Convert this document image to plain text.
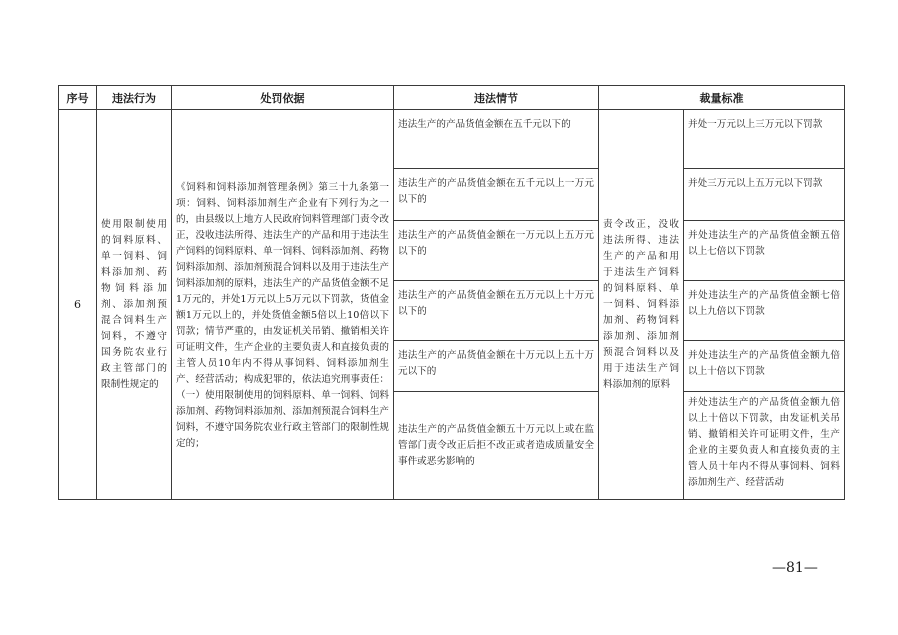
序号	违法行为	处罚依据	违法情节	裁量标准	
6	使用限制使用的饲料原料、单一饲料、饲料添加剂、药物饲料添加剂、添加剂预混合饲料生产饲料，不遵守国务院农业行政主管部门的限制性规定的	《饲料和饲料添加剂管理条例》第三十九条第一项：饲料、饲料添加剂生产企业有下列行为之一的，由县级以上地方人民政府饲料管理部门责令改正，没收违法所得、违法生产的产品和用于违法生产饲料的饲料原料、单一饲料、饲料添加剂、药物饲料添加剂、添加剂预混合饲料以及用于违法生产饲料添加剂的原料，违法生产的产品货值金额不足1万元的，并处1万元以上5万元以下罚款，货值金额1万元以上的，并处货值金额5倍以上10倍以下罚款；情节严重的，由发证机关吊销、撤销相关许可证明文件，生产企业的主要负责人和直接负责的主管人员10年内不得从事饲料、饲料添加剂生产、经营活动；构成犯罪的，依法追究刑事责任：（一）使用限制使用的饲料原料、单一饲料、饲料添加剂、药物饲料添加剂、添加剂预混合饲料生产饲料，不遵守国务院农业行政主管部门的限制性规定的；	违法生产的产品货值金额在五千元以下的	责令改正，没收违法所得、违法生产的产品和用于违法生产饲料的饲料原料、单一饲料、饲料添加剂、药物饲料添加剂、添加剂预混合饲料以及用于违法生产饲料添加剂的原料	并处一万元以上三万元以下罚款

			违法生产的产品货值金额在五千元以上一万元以下的		并处三万元以上五万元以下罚款

			违法生产的产品货值金额在一万元以上五万元以下的		并处违法生产的产品货值金额五倍以上七倍以下罚款

			违法生产的产品货值金额在五万元以上十万元以下的		并处违法生产的产品货值金额七倍以上九倍以下罚款

			违法生产的产品货值金额在十万元以上五十万元以下的		并处违法生产的产品货值金额九倍以上十倍以下罚款

			违法生产的产品货值金额五十万元以上或在监管部门责令改正后拒不改正或者造成质量安全事件或恶劣影响的		并处违法生产的产品货值金额九倍以上十倍以下罚款，由发证机关吊销、撤销相关许可证明文件，生产企业的主要负责人和直接负责的主管人员十年内不得从事饲料、饲料添加剂生产、经营活动
—81—
